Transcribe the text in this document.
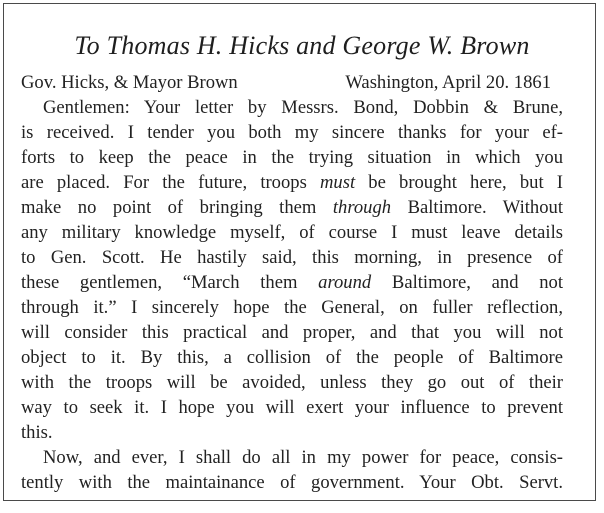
To Thomas H. Hicks and George W. Brown
Gov. Hicks, & Mayor Brown	Washington, April 20. 1861
Gentlemen: Your letter by Messrs. Bond, Dobbin & Brune,
is received. I tender you both my sincere thanks for your ef-
forts to keep the peace in the trying situation in which you
are placed. For the future, troops must be brought here, but I
make no point of bringing them through Baltimore. Without
any military knowledge myself, of course I must leave details
to Gen. Scott. He hastily said, this morning, in presence of
these gentlemen, “March them around Baltimore, and not
through it.” I sincerely hope the General, on fuller reflection,
will consider this practical and proper, and that you will not
object to it. By this, a collision of the people of Baltimore
with the troops will be avoided, unless they go out of their
way to seek it. I hope you will exert your influence to prevent
this.
Now, and ever, I shall do all in my power for peace, consis-
tently with the maintainance of government. Your Obt. Servt.
